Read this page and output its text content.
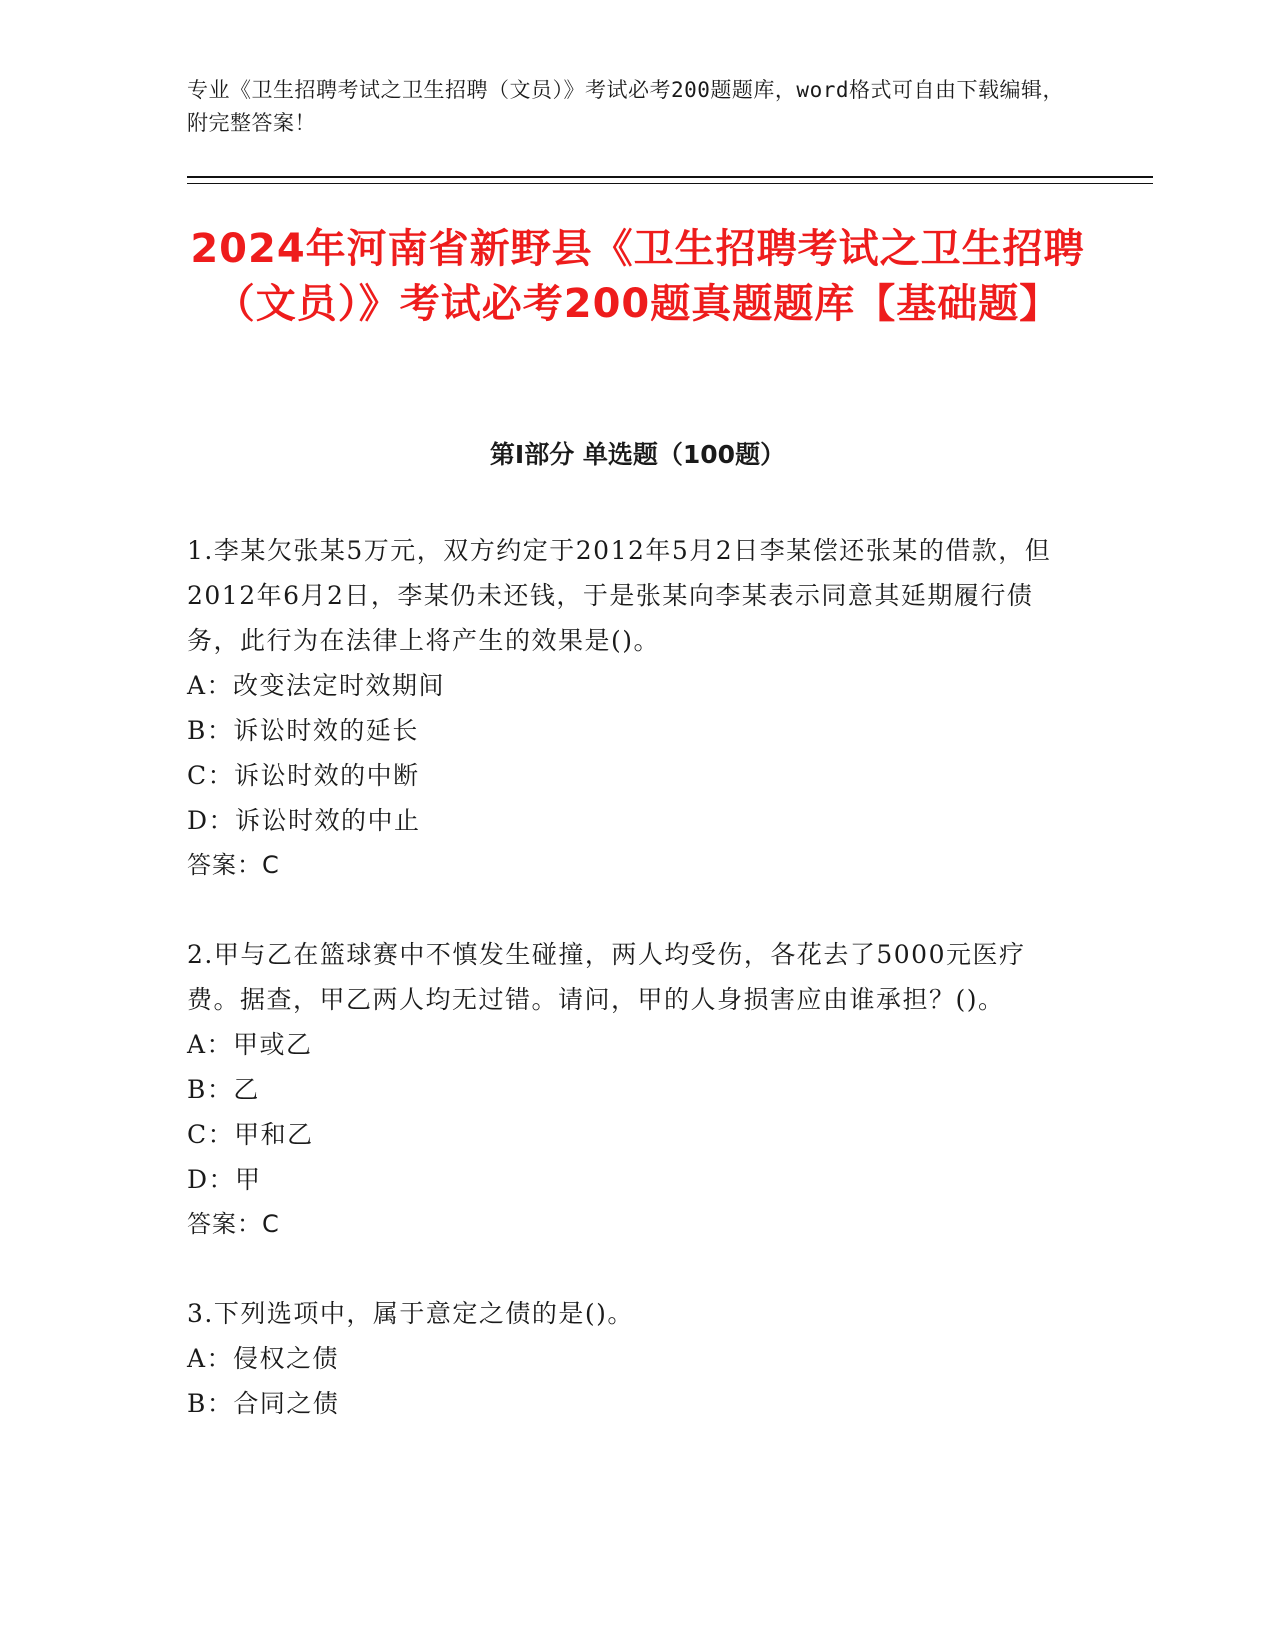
专业《卫生招聘考试之卫生招聘（文员）》考试必考200题题库，word格式可自由下载编辑，附完整答案！
2024年河南省新野县《卫生招聘考试之卫生招聘（文员）》考试必考200题真题题库【基础题】
第I部分 单选题（100题）

1.李某欠张某5万元，双方约定于2012年5月2日李某偿还张某的借款，但2012年6月2日，李某仍未还钱，于是张某向李某表示同意其延期履行债务，此行为在法律上将产生的效果是()。

A：改变法定时效期间

B：诉讼时效的延长

C：诉讼时效的中断

D：诉讼时效的中止

答案：C

2.甲与乙在篮球赛中不慎发生碰撞，两人均受伤，各花去了5000元医疗费。据查，甲乙两人均无过错。请问，甲的人身损害应由谁承担？()。

A：甲或乙

B：乙

C：甲和乙

D：甲

答案：C

3.下列选项中，属于意定之债的是()。

A：侵权之债

B：合同之债
